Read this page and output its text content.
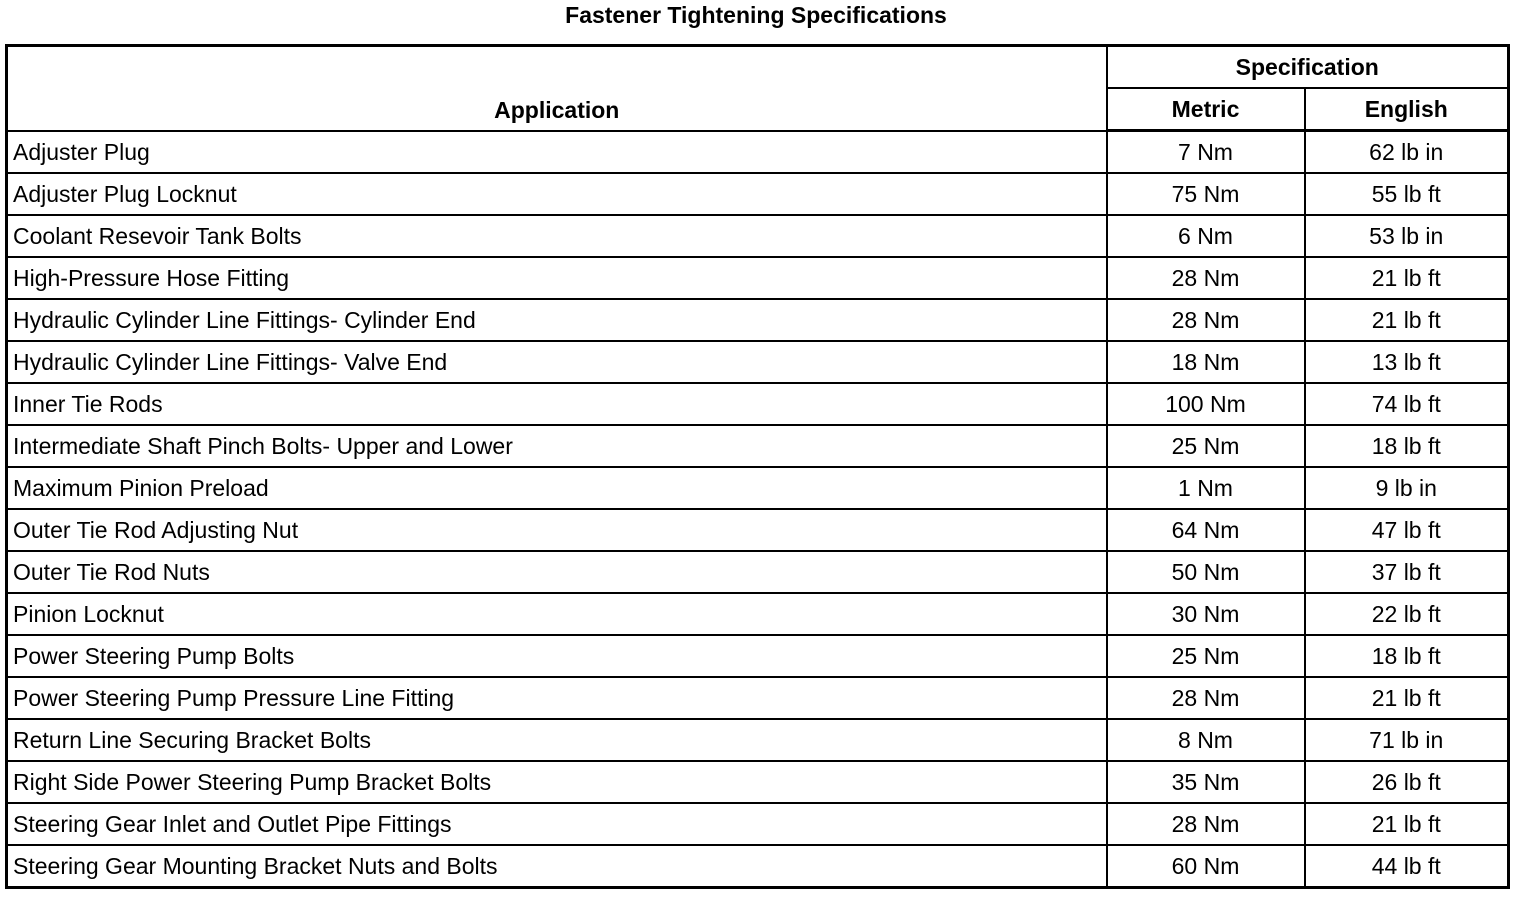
Fastener Tightening Specifications
Application	Specification	
	Metric	English
Adjuster Plug	7 Nm	62 lb in
Adjuster Plug Locknut	75 Nm	55 lb ft
Coolant Resevoir Tank Bolts	6 Nm	53 lb in
High-Pressure Hose Fitting	28 Nm	21 lb ft
Hydraulic Cylinder Line Fittings- Cylinder End	28 Nm	21 lb ft
Hydraulic Cylinder Line Fittings- Valve End	18 Nm	13 lb ft
Inner Tie Rods	100 Nm	74 lb ft
Intermediate Shaft Pinch Bolts- Upper and Lower	25 Nm	18 lb ft
Maximum Pinion Preload	1 Nm	9 lb in
Outer Tie Rod Adjusting Nut	64 Nm	47 lb ft
Outer Tie Rod Nuts	50 Nm	37 lb ft
Pinion Locknut	30 Nm	22 lb ft
Power Steering Pump Bolts	25 Nm	18 lb ft
Power Steering Pump Pressure Line Fitting	28 Nm	21 lb ft
Return Line Securing Bracket Bolts	8 Nm	71 lb in
Right Side Power Steering Pump Bracket Bolts	35 Nm	26 lb ft
Steering Gear Inlet and Outlet Pipe Fittings	28 Nm	21 lb ft
Steering Gear Mounting Bracket Nuts and Bolts	60 Nm	44 lb ft
